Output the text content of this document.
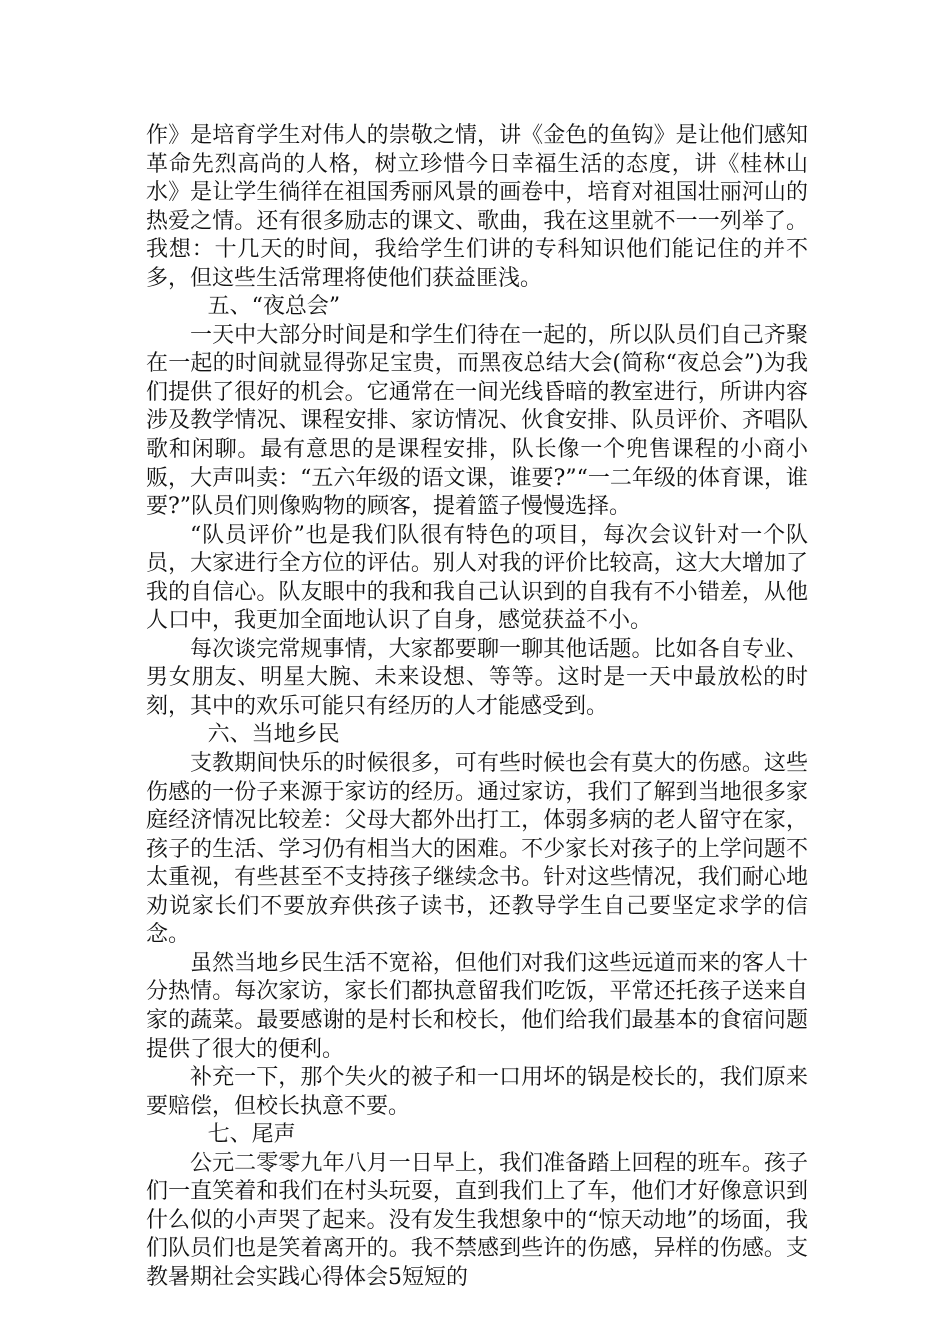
作》是培育学生对伟人的崇敬之情，讲《金色的鱼钩》是让他们感知革命先烈高尚的人格，树立珍惜今日幸福生活的态度，讲《桂林山水》是让学生徜徉在祖国秀丽风景的画卷中，培育对祖国壮丽河山的热爱之情。还有很多励志的课文、歌曲，我在这里就不一一列举了。我想：十几天的时间，我给学生们讲的专科知识他们能记住的并不多，但这些生活常理将使他们获益匪浅。

五、“夜总会”

一天中大部分时间是和学生们待在一起的，所以队员们自己齐聚在一起的时间就显得弥足宝贵，而黑夜总结大会(简称“夜总会”)为我们提供了很好的机会。它通常在一间光线昏暗的教室进行，所讲内容涉及教学情况、课程安排、家访情况、伙食安排、队员评价、齐唱队歌和闲聊。最有意思的是课程安排，队长像一个兜售课程的小商小贩，大声叫卖：“五六年级的语文课，谁要?”“一二年级的体育课，谁要?”队员们则像购物的顾客，提着篮子慢慢选择。

“队员评价”也是我们队很有特色的项目，每次会议针对一个队员，大家进行全方位的评估。别人对我的评价比较高，这大大增加了我的自信心。队友眼中的我和我自己认识到的自我有不小错差，从他人口中，我更加全面地认识了自身，感觉获益不小。

每次谈完常规事情，大家都要聊一聊其他话题。比如各自专业、男女朋友、明星大腕、未来设想、等等。这时是一天中最放松的时刻，其中的欢乐可能只有经历的人才能感受到。

六、当地乡民

支教期间快乐的时候很多，可有些时候也会有莫大的伤感。这些伤感的一份子来源于家访的经历。通过家访，我们了解到当地很多家庭经济情况比较差：父母大都外出打工，体弱多病的老人留守在家，孩子的生活、学习仍有相当大的困难。不少家长对孩子的上学问题不太重视，有些甚至不支持孩子继续念书。针对这些情况，我们耐心地劝说家长们不要放弃供孩子读书，还教导学生自己要坚定求学的信念。

虽然当地乡民生活不宽裕，但他们对我们这些远道而来的客人十分热情。每次家访，家长们都执意留我们吃饭，平常还托孩子送来自家的蔬菜。最要感谢的是村长和校长，他们给我们最基本的食宿问题提供了很大的便利。

补充一下，那个失火的被子和一口用坏的锅是校长的，我们原来要赔偿，但校长执意不要。

七、尾声

公元二零零九年八月一日早上，我们准备踏上回程的班车。孩子们一直笑着和我们在村头玩耍，直到我们上了车，他们才好像意识到什么似的小声哭了起来。没有发生我想象中的“惊天动地”的场面，我们队员们也是笑着离开的。我不禁感到些许的伤感，异样的伤感。支教暑期社会实践心得体会5短短的
